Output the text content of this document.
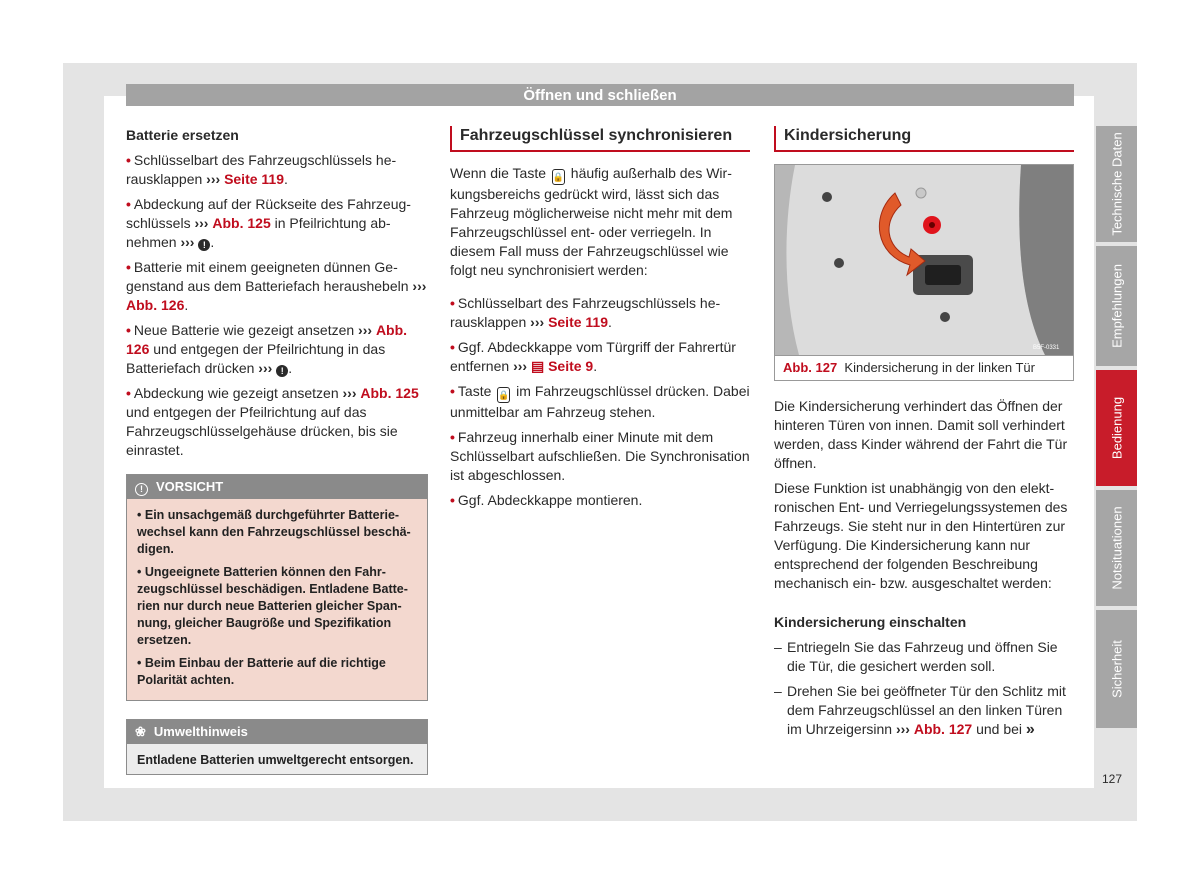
Öffnen und schließen
Batterie ersetzen
• Schlüsselbart des Fahrzeugschlüssels herausklappen ››› Seite 119.
• Abdeckung auf der Rückseite des Fahrzeugschlüssels ››› Abb. 125 in Pfeilrichtung abnehmen ››› ! .
• Batterie mit einem geeigneten dünnen Gegenstand aus dem Batteriefach heraushebeln ››› Abb. 126.
• Neue Batterie wie gezeigt ansetzen ››› Abb. 126 und entgegen der Pfeilrichtung in das Batteriefach drücken ››› ! .
• Abdeckung wie gezeigt ansetzen ››› Abb. 125 und entgegen der Pfeilrichtung auf das Fahrzeugschlüsselgehäuse drücken, bis sie einrastet.
! VORSICHT

• Ein unsachgemäß durchgeführter Batteriewechsel kann den Fahrzeugschlüssel beschädigen.

• Ungeeignete Batterien können den Fahrzeugschlüssel beschädigen. Entladene Batterien nur durch neue Batterien gleicher Spannung, gleicher Baugröße und Spezifikation ersetzen.

• Beim Einbau der Batterie auf die richtige Polarität achten.

❀ Umwelthinweis
Entladene Batterien umweltgerecht entsorgen.
Fahrzeugschlüssel synchronisieren

Wenn die Taste 🔒 häufig außerhalb des Wirkungsbereichs gedrückt wird, lässt sich das Fahrzeug möglicherweise nicht mehr mit dem Fahrzeugschlüssel ent- oder verriegeln. In diesem Fall muss der Fahrzeugschlüssel wie folgt neu synchronisiert werden:

• Schlüsselbart des Fahrzeugschlüssels herausklappen ››› Seite 119.
• Ggf. Abdeckkappe vom Türgriff der Fahrertür entfernen ››› ▤ Seite 9.
• Taste 🔒 im Fahrzeugschlüssel drücken. Dabei unmittelbar am Fahrzeug stehen.
• Fahrzeug innerhalb einer Minute mit dem Schlüsselbart aufschließen. Die Synchronisation ist abgeschlossen.
• Ggf. Abdeckkappe montieren.
Kindersicherung
B5F-0331
Abb. 127 Kindersicherung in der linken Tür

Die Kindersicherung verhindert das Öffnen der hinteren Türen von innen. Damit soll verhindert werden, dass Kinder während der Fahrt die Tür öffnen.

Diese Funktion ist unabhängig von den elektronischen Ent- und Verriegelungssystemen des Fahrzeugs. Sie steht nur in den Hintertüren zur Verfügung. Die Kindersicherung kann nur entsprechend der folgenden Beschreibung mechanisch ein- bzw. ausgeschaltet werden:

Kindersicherung einschalten
– Entriegeln Sie das Fahrzeug und öffnen Sie die Tür, die gesichert werden soll.
– Drehen Sie bei geöffneter Tür den Schlitz mit dem Fahrzeugschlüssel an den linken Türen im Uhrzeigersinn ››› Abb. 127 und bei »
Technische Daten
Empfehlungen
Bedienung
Notsituationen
Sicherheit
127
